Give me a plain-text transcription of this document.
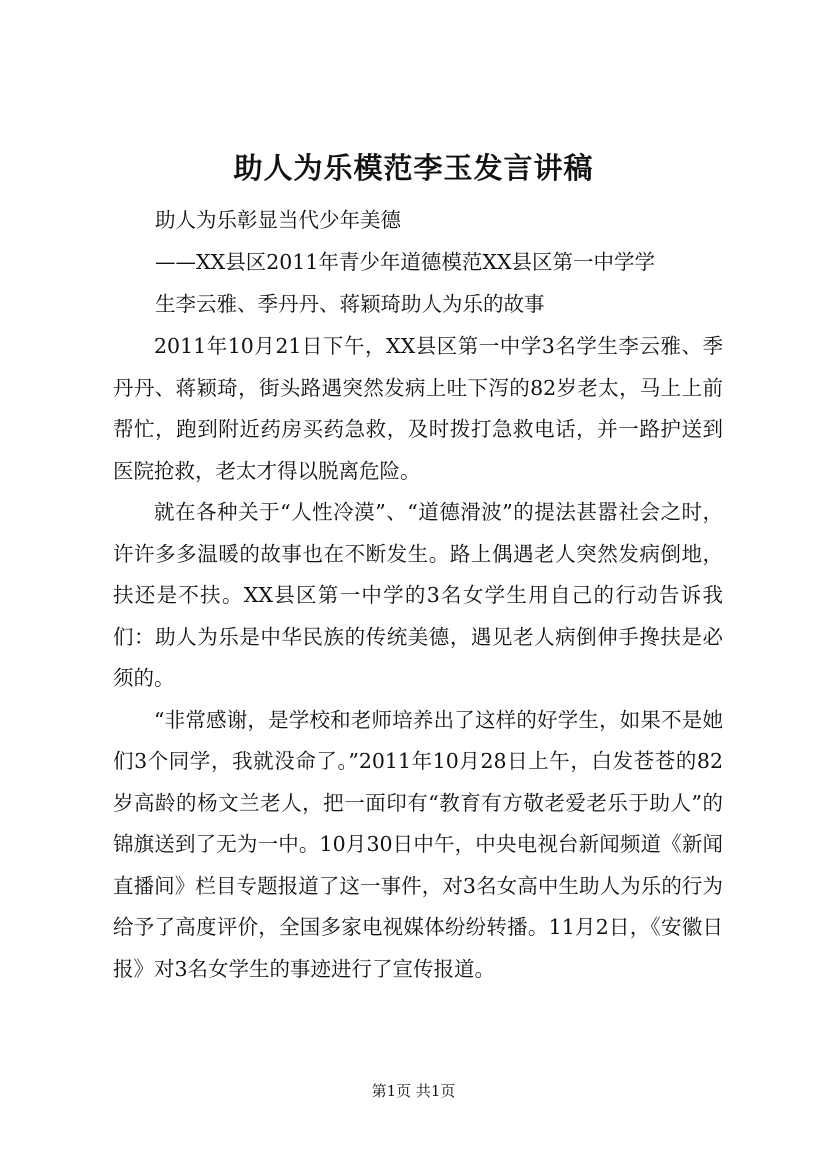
助人为乐模范李玉发言讲稿
助人为乐彰显当代少年美德
——XX县区2011年青少年道德模范XX县区第一中学学
生李云雅、季丹丹、蒋颖琦助人为乐的故事

2011年10月21日下午，XX县区第一中学3名学生李云雅、季丹丹、蒋颖琦，街头路遇突然发病上吐下泻的82岁老太，马上上前帮忙，跑到附近药房买药急救，及时拨打急救电话，并一路护送到医院抢救，老太才得以脱离危险。

就在各种关于“人性冷漠”、“道德滑波”的提法甚嚣社会之时，许许多多温暖的故事也在不断发生。路上偶遇老人突然发病倒地，扶还是不扶。XX县区第一中学的3名女学生用自己的行动告诉我们：助人为乐是中华民族的传统美德，遇见老人病倒伸手搀扶是必须的。

“非常感谢，是学校和老师培养出了这样的好学生，如果不是她们3个同学，我就没命了。”2011年10月28日上午，白发苍苍的82岁高龄的杨文兰老人，把一面印有“教育有方敬老爱老乐于助人”的锦旗送到了无为一中。10月30日中午，中央电视台新闻频道《新闻直播间》栏目专题报道了这一事件，对3名女高中生助人为乐的行为给予了高度评价，全国多家电视媒体纷纷转播。11月2日，《安徽日报》对3名女学生的事迹进行了宣传报道。

第1页 共1页
